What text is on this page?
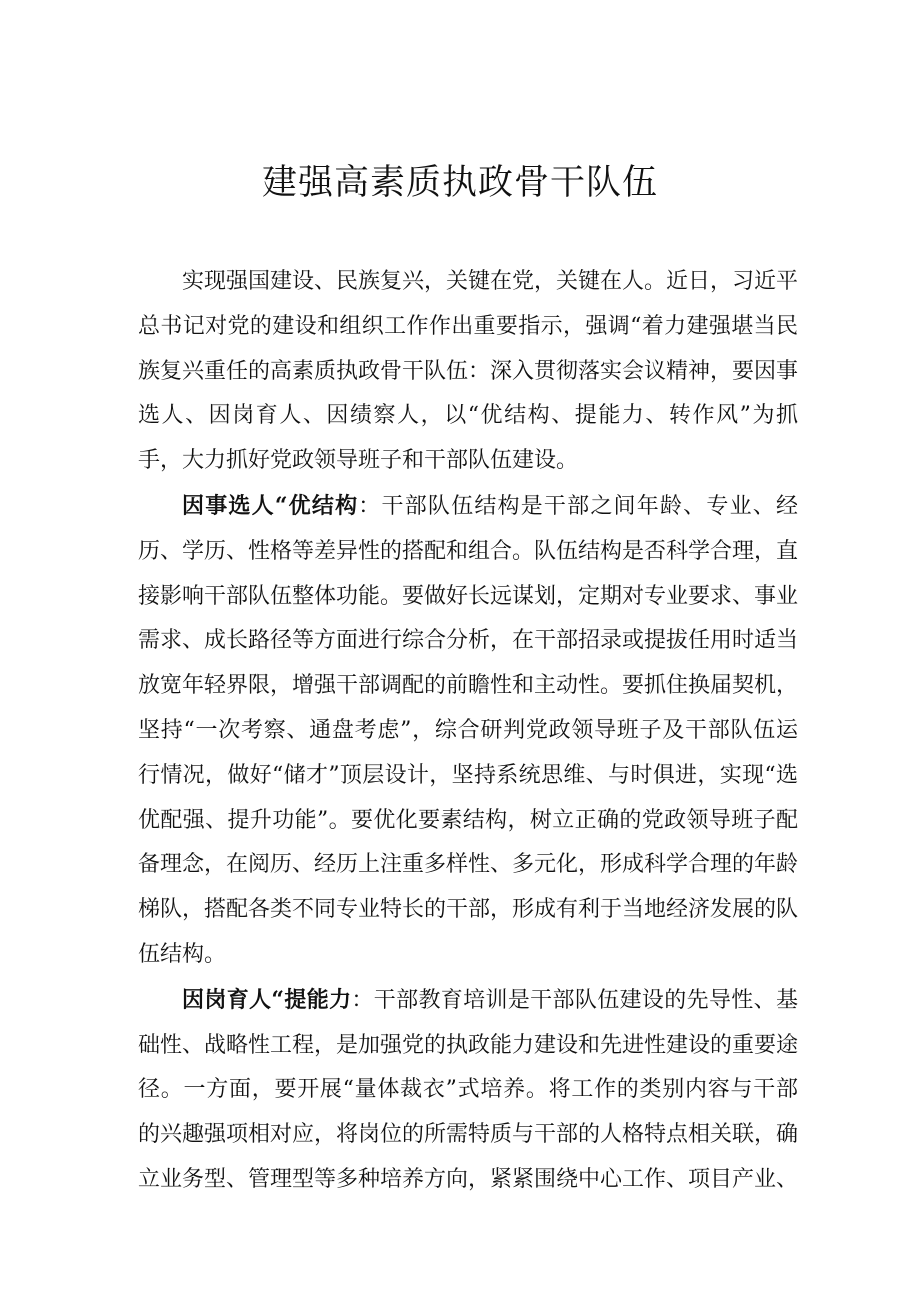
建强高素质执政骨干队伍

实现强国建设、民族复兴，关键在党，关键在人。近日，习近平总书记对党的建设和组织工作作出重要指示，强调“着力建强堪当民族复兴重任的高素质执政骨干队伍：深入贯彻落实会议精神，要因事选人、因岗育人、因绩察人，以“优结构、提能力、转作风”为抓手，大力抓好党政领导班子和干部队伍建设。

因事选人“优结构：干部队伍结构是干部之间年龄、专业、经历、学历、性格等差异性的搭配和组合。队伍结构是否科学合理，直接影响干部队伍整体功能。要做好长远谋划，定期对专业要求、事业需求、成长路径等方面进行综合分析，在干部招录或提拔任用时适当放宽年轻界限，增强干部调配的前瞻性和主动性。要抓住换届契机，坚持“一次考察、通盘考虑”，综合研判党政领导班子及干部队伍运行情况，做好“储才”顶层设计，坚持系统思维、与时俱进，实现“选优配强、提升功能”。要优化要素结构，树立正确的党政领导班子配备理念，在阅历、经历上注重多样性、多元化，形成科学合理的年龄梯队，搭配各类不同专业特长的干部，形成有利于当地经济发展的队伍结构。

因岗育人“提能力：干部教育培训是干部队伍建设的先导性、基础性、战略性工程，是加强党的执政能力建设和先进性建设的重要途径。一方面，要开展“量体裁衣”式培养。将工作的类别内容与干部的兴趣强项相对应，将岗位的所需特质与干部的人格特点相关联，确立业务型、管理型等多种培养方向，紧紧围绕中心工作、项目产业、
